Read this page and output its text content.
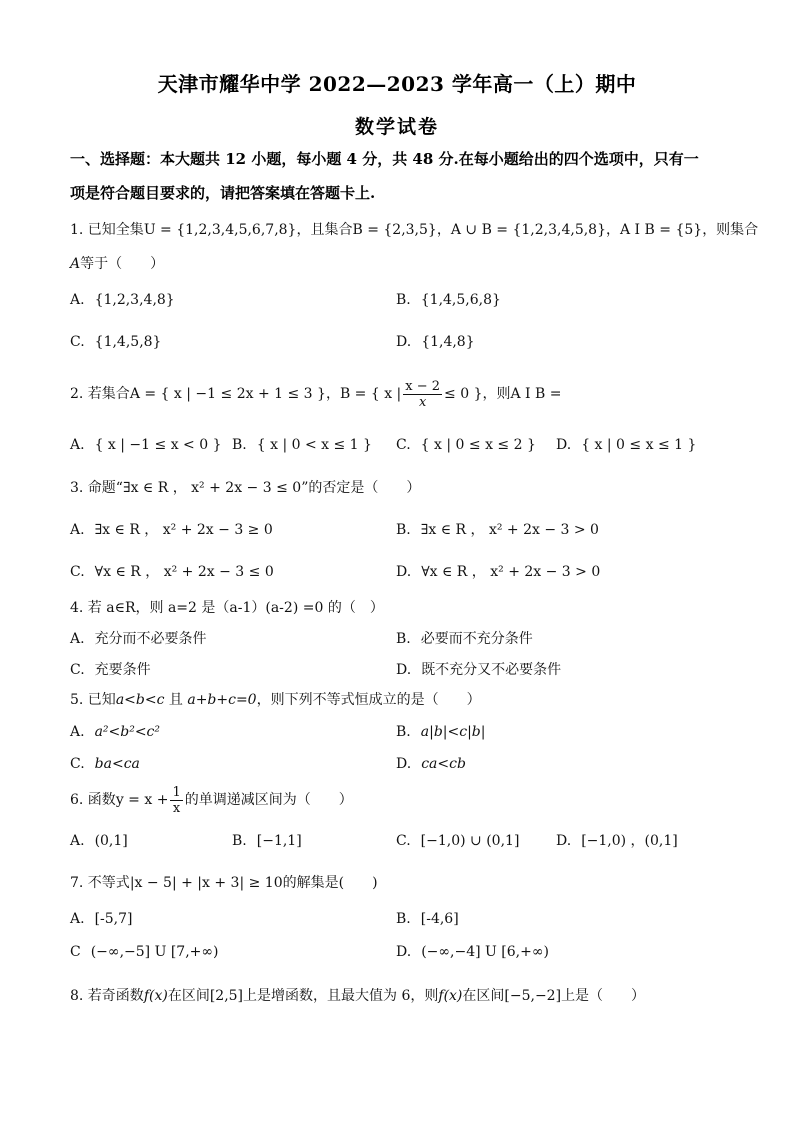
天津市耀华中学 2022—2023 学年高一（上）期中
数学试卷
一、选择题：本大题共 12 小题，每小题 4 分，共 48 分.在每小题给出的四个选项中，只有一
项是符合题目要求的，请把答案填在答题卡上.
1. 已知全集U = {1,2,3,4,5,6,7,8}，且集合B = {2,3,5}，A ∪ B = {1,2,3,4,5,8}，A I B = {5}，则集合
A等于（　　）
A. {1,2,3,4,8}	B. {1,4,5,6,8}
C. {1,4,5,8}	D. {1,4,8}
2. 若集合A = { x | −1 ≤ 2x + 1 ≤ 3 }，B = { x | $\frac{x - 2}{x} \le 0$ }，则A I B =
A. { x | −1 ≤ x < 0 } B. { x | 0 < x ≤ 1 } C. { x | 0 ≤ x ≤ 2 } D. { x | 0 ≤ x ≤ 1 }
3. 命题“∃x ∈ R ， x² + 2x − 3 ≤ 0”的否定是（　　）
A. ∃x ∈ R ， x² + 2x − 3 ≥ 0	B. ∃x ∈ R ， x² + 2x − 3 > 0
C. ∀x ∈ R ， x² + 2x − 3 ≤ 0	D. ∀x ∈ R ， x² + 2x − 3 > 0
4. 若 a∈R，则 a=2 是（a-1）(a-2) =0 的（　）
A. 充分而不必要条件	B. 必要而不充分条件
C. 充要条件	D. 既不充分又不必要条件
5. 已知a<b<c 且 a+b+c=0，则下列不等式恒成立的是（　　）
A. a²<b²<c²	B. a|b|<c|b|
C. ba<ca	D. ca<cb
6. 函数$y = x + \frac{1}{x}$ 的单调递减区间为（　　）
A. (0,1]	B. [−1,1]	C. [−1,0) ∪ (0,1]	D. [−1,0) ，(0,1]
7. 不等式|x − 5| + |x + 3| ≥ 10的解集是(　　)
A. [-5,7]	B. [-4,6]
C (−∞,−5] U [7,+∞)	D. (−∞,−4] U [6,+∞)
8. 若奇函数f(x)在区间[2,5]上是增函数，且最大值为 6，则f(x)在区间[−5,−2]上是（　　）
